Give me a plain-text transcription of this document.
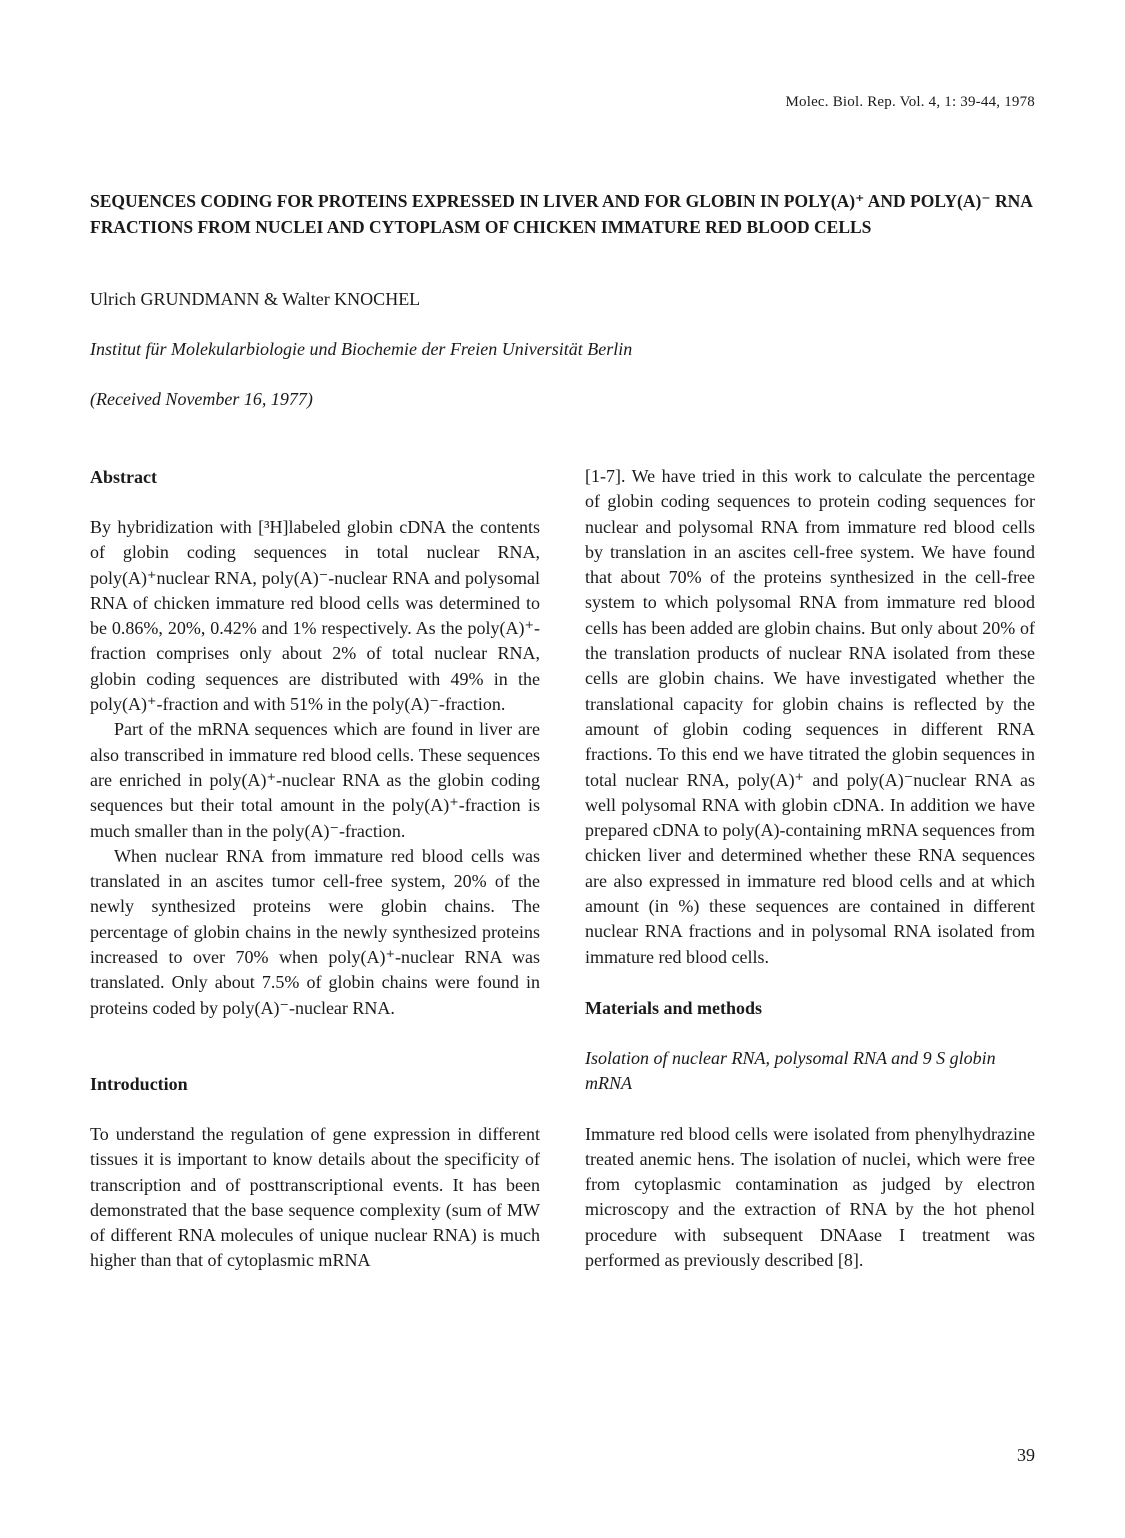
Molec. Biol. Rep. Vol. 4, 1: 39-44, 1978
SEQUENCES CODING FOR PROTEINS EXPRESSED IN LIVER AND FOR GLOBIN IN POLY(A)⁺ AND POLY(A)⁻ RNA FRACTIONS FROM NUCLEI AND CYTOPLASM OF CHICKEN IMMATURE RED BLOOD CELLS
Ulrich GRUNDMANN & Walter KNOCHEL
Institut für Molekularbiologie und Biochemie der Freien Universität Berlin
(Received November 16, 1977)
Abstract

By hybridization with [³H]labeled globin cDNA the contents of globin coding sequences in total nuclear RNA, poly(A)⁺nuclear RNA, poly(A)⁻-nuclear RNA and polysomal RNA of chicken immature red blood cells was determined to be 0.86%, 20%, 0.42% and 1% respectively. As the poly(A)⁺-fraction comprises only about 2% of total nuclear RNA, globin coding sequences are distributed with 49% in the poly(A)⁺-fraction and with 51% in the poly(A)⁻-fraction.

Part of the mRNA sequences which are found in liver are also transcribed in immature red blood cells. These sequences are enriched in poly(A)⁺-nuclear RNA as the globin coding sequences but their total amount in the poly(A)⁺-fraction is much smaller than in the poly(A)⁻-fraction.

When nuclear RNA from immature red blood cells was translated in an ascites tumor cell-free system, 20% of the newly synthesized proteins were globin chains. The percentage of globin chains in the newly synthesized proteins increased to over 70% when poly(A)⁺-nuclear RNA was translated. Only about 7.5% of globin chains were found in proteins coded by poly(A)⁻-nuclear RNA.

Introduction

To understand the regulation of gene expression in different tissues it is important to know details about the specificity of transcription and of posttranscriptional events. It has been demonstrated that the base sequence complexity (sum of MW of different RNA molecules of unique nuclear RNA) is much higher than that of cytoplasmic mRNA

[1-7]. We have tried in this work to calculate the percentage of globin coding sequences to protein coding sequences for nuclear and polysomal RNA from immature red blood cells by translation in an ascites cell-free system. We have found that about 70% of the proteins synthesized in the cell-free system to which polysomal RNA from immature red blood cells has been added are globin chains. But only about 20% of the translation products of nuclear RNA isolated from these cells are globin chains. We have investigated whether the translational capacity for globin chains is reflected by the amount of globin coding sequences in different RNA fractions. To this end we have titrated the globin sequences in total nuclear RNA, poly(A)⁺ and poly(A)⁻nuclear RNA as well polysomal RNA with globin cDNA. In addition we have prepared cDNA to poly(A)-containing mRNA sequences from chicken liver and determined whether these RNA sequences are also expressed in immature red blood cells and at which amount (in %) these sequences are contained in different nuclear RNA fractions and in polysomal RNA isolated from immature red blood cells.

Materials and methods
Isolation of nuclear RNA, polysomal RNA and 9 S globin mRNA

Immature red blood cells were isolated from phenylhydrazine treated anemic hens. The isolation of nuclei, which were free from cytoplasmic contamination as judged by electron microscopy and the extraction of RNA by the hot phenol procedure with subsequent DNAase I treatment was performed as previously described [8].

39
